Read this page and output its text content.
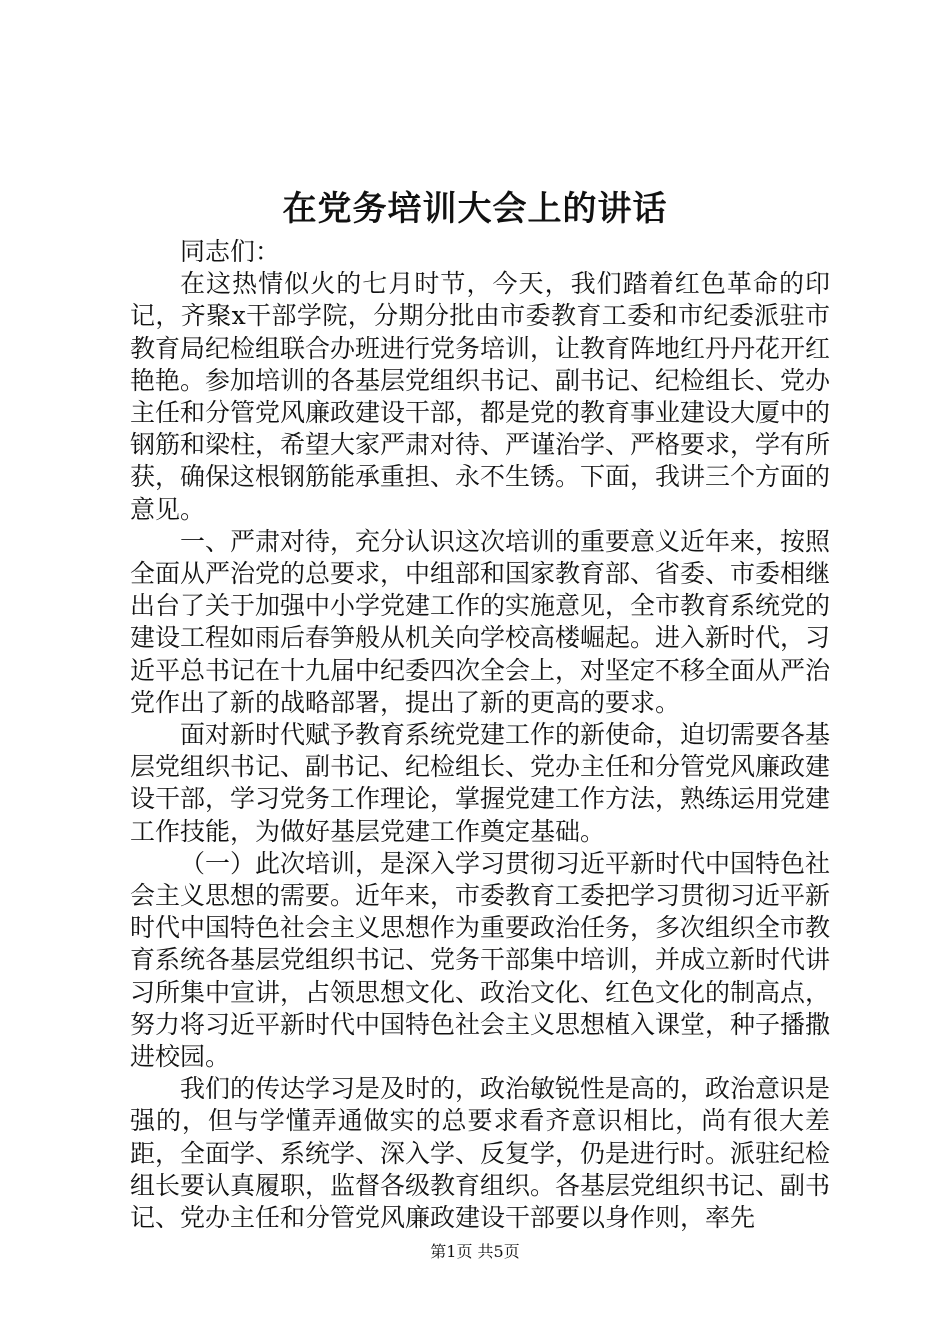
在党务培训大会上的讲话

同志们：

在这热情似火的七月时节，今天，我们踏着红色革命的印记，齐聚x干部学院，分期分批由市委教育工委和市纪委派驻市教育局纪检组联合办班进行党务培训，让教育阵地红丹丹花开红艳艳。参加培训的各基层党组织书记、副书记、纪检组长、党办主任和分管党风廉政建设干部，都是党的教育事业建设大厦中的钢筋和梁柱，希望大家严肃对待、严谨治学、严格要求，学有所获，确保这根钢筋能承重担、永不生锈。下面，我讲三个方面的意见。

一、严肃对待，充分认识这次培训的重要意义近年来，按照全面从严治党的总要求，中组部和国家教育部、省委、市委相继出台了关于加强中小学党建工作的实施意见，全市教育系统党的建设工程如雨后春笋般从机关向学校高楼崛起。进入新时代，习近平总书记在十九届中纪委四次全会上，对坚定不移全面从严治党作出了新的战略部署，提出了新的更高的要求。

面对新时代赋予教育系统党建工作的新使命，迫切需要各基层党组织书记、副书记、纪检组长、党办主任和分管党风廉政建设干部，学习党务工作理论，掌握党建工作方法，熟练运用党建工作技能，为做好基层党建工作奠定基础。

（一）此次培训，是深入学习贯彻习近平新时代中国特色社会主义思想的需要。近年来，市委教育工委把学习贯彻习近平新时代中国特色社会主义思想作为重要政治任务，多次组织全市教育系统各基层党组织书记、党务干部集中培训，并成立新时代讲习所集中宣讲，占领思想文化、政治文化、红色文化的制高点，努力将习近平新时代中国特色社会主义思想植入课堂，种子播撒进校园。

我们的传达学习是及时的，政治敏锐性是高的，政治意识是强的，但与学懂弄通做实的总要求看齐意识相比，尚有很大差距，全面学、系统学、深入学、反复学，仍是进行时。派驻纪检组长要认真履职，监督各级教育组织。各基层党组织书记、副书记、党办主任和分管党风廉政建设干部要以身作则，率先

第1页 共5页
